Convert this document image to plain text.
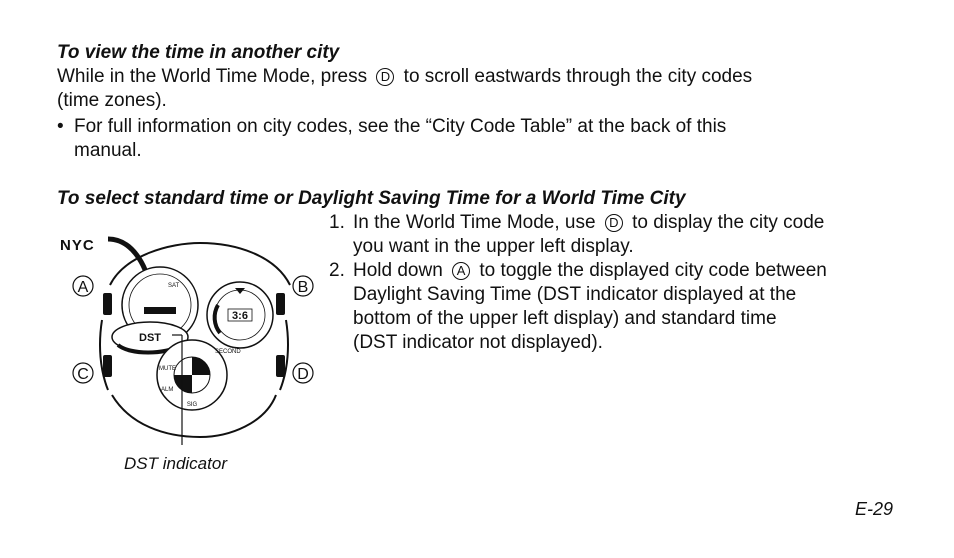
To view the time in another city
While in the World Time Mode, press D to scroll eastwards through the city codes
(time zones).
• For full information on city codes, see the “City Code Table” at the back of this
manual.
To select standard time or Daylight Saving Time for a World Time City
1. In the World Time Mode, use D to display the city code
you want in the upper left display.
2. Hold down A to toggle the displayed city code between
Daylight Saving Time (DST indicator displayed at the
bottom of the upper left display) and standard time
(DST indicator not displayed).
NYC
A	B
C	D
SAT
DST
3:6
SIG
SECOND
MUTE
ALM
DST indicator
E-29
